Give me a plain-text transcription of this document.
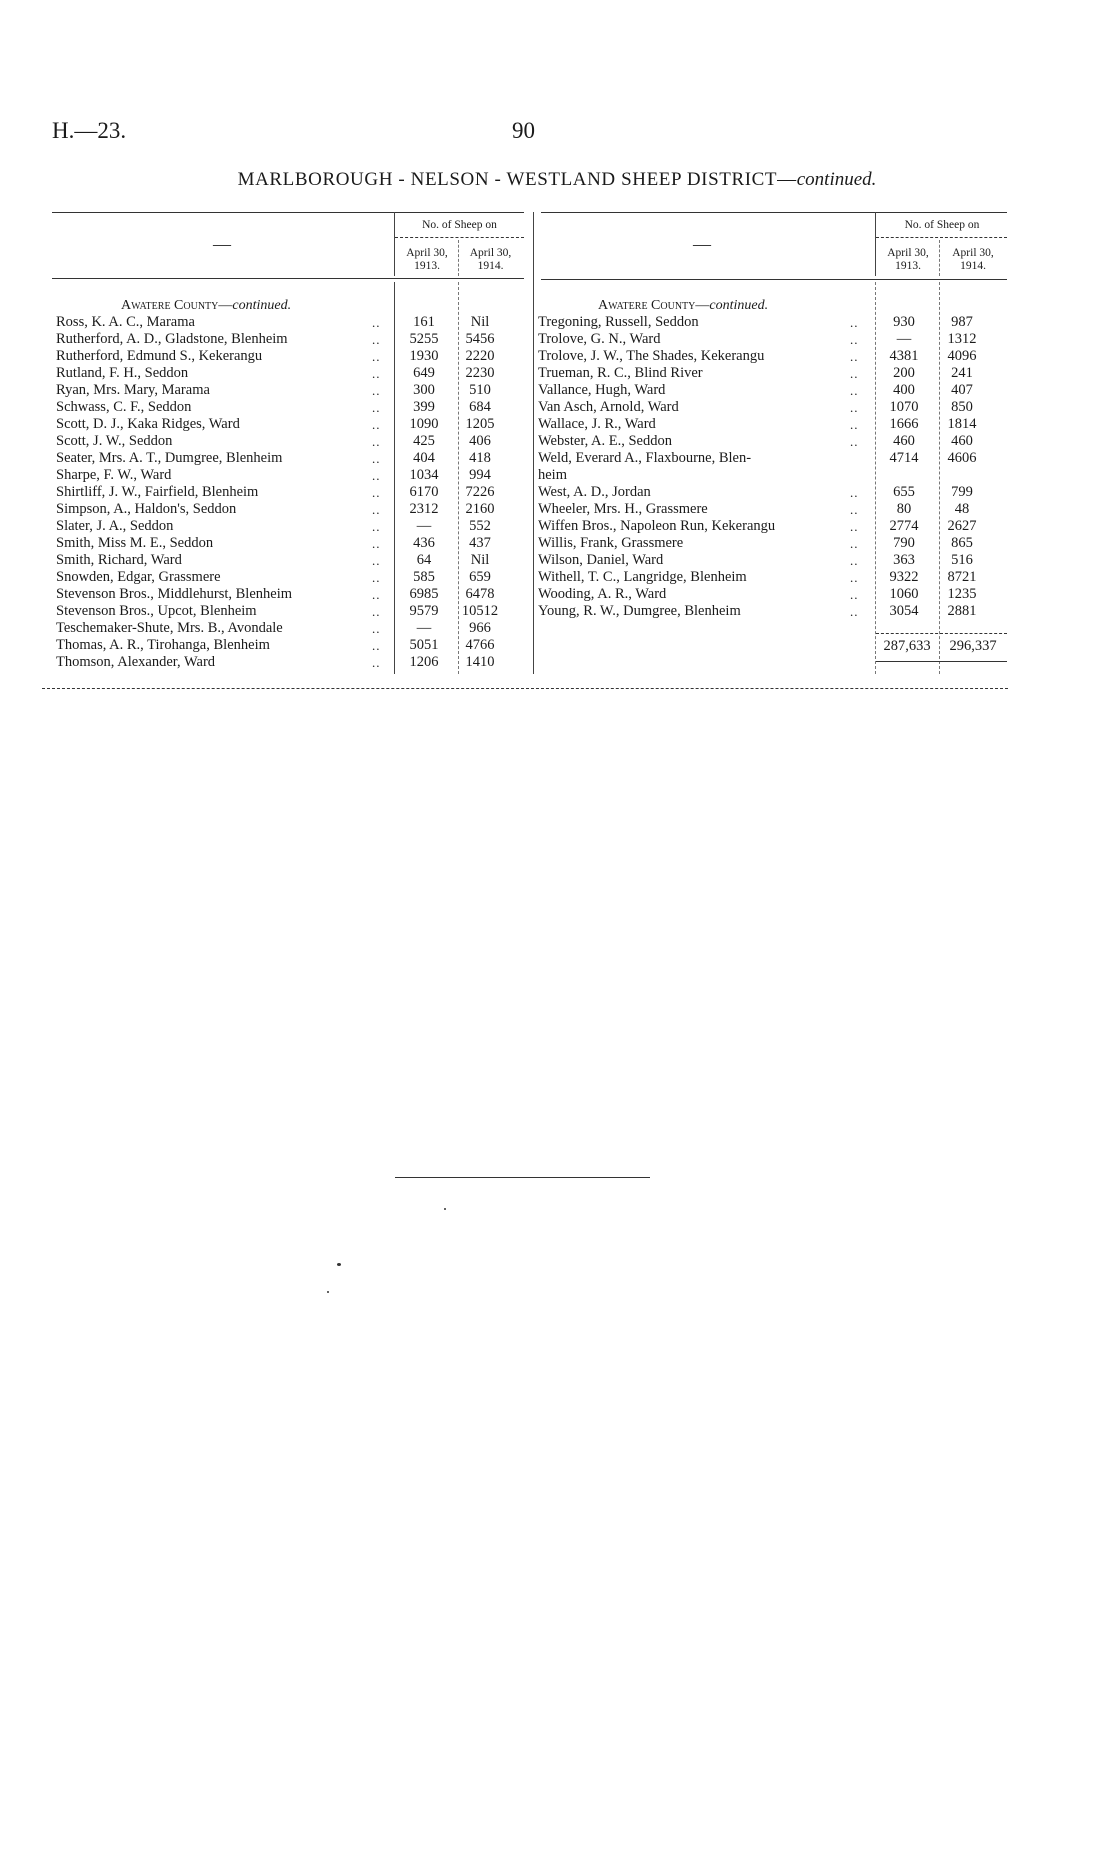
H.—23.	90
MARLBOROUGH - NELSON - WESTLAND SHEEP DISTRICT—continued.
—
No. of Sheep on
April 30,
1913.
April 30,
1914.
Awatere County—continued.
Ross, K. A. C., Marama	..	161	Nil
Rutherford, A. D., Gladstone, Blenheim	..	5255	5456
Rutherford, Edmund S., Kekerangu	..	1930	2220
Rutland, F. H., Seddon	..	649	2230
Ryan, Mrs. Mary, Marama	..	300	510
Schwass, C. F., Seddon	..	399	684
Scott, D. J., Kaka Ridges, Ward	..	1090	1205
Scott, J. W., Seddon	..	425	406
Seater, Mrs. A. T., Dumgree, Blenheim	..	404	418
Sharpe, F. W., Ward	..	1034	994
Shirtliff, J. W., Fairfield, Blenheim	..	6170	7226
Simpson, A., Haldon's, Seddon	..	2312	2160
Slater, J. A., Seddon	..	—	552
Smith, Miss M. E., Seddon	..	436	437
Smith, Richard, Ward	..	64	Nil
Snowden, Edgar, Grassmere	..	585	659
Stevenson Bros., Middlehurst, Blenheim	..	6985	6478
Stevenson Bros., Upcot, Blenheim	..	9579	10512
Teschemaker-Shute, Mrs. B., Avondale	..	—	966
Thomas, A. R., Tirohanga, Blenheim	..	5051	4766
Thomson, Alexander, Ward	..	1206	1410
—
No. of Sheep on
April 30,
1913.
April 30,
1914.
Awatere County—continued.
Tregoning, Russell, Seddon	..	930	987
Trolove, G. N., Ward	..	—	1312
Trolove, J. W., The Shades, Kekerangu	..	4381	4096
Trueman, R. C., Blind River	..	200	241
Vallance, Hugh, Ward	..	400	407
Van Asch, Arnold, Ward	..	1070	850
Wallace, J. R., Ward	..	1666	1814
Webster, A. E., Seddon	..	460	460
Weld, Everard A., Flaxbourne, Blen-	4714	4606
heim
West, A. D., Jordan	..	655	799
Wheeler, Mrs. H., Grassmere	..	80	48
Wiffen Bros., Napoleon Run, Kekerangu	..	2774	2627
Willis, Frank, Grassmere	..	790	865
Wilson, Daniel, Ward	..	363	516
Withell, T. C., Langridge, Blenheim	..	9322	8721
Wooding, A. R., Ward	..	1060	1235
Young, R. W., Dumgree, Blenheim	..	3054	2881
287,633	296,337
